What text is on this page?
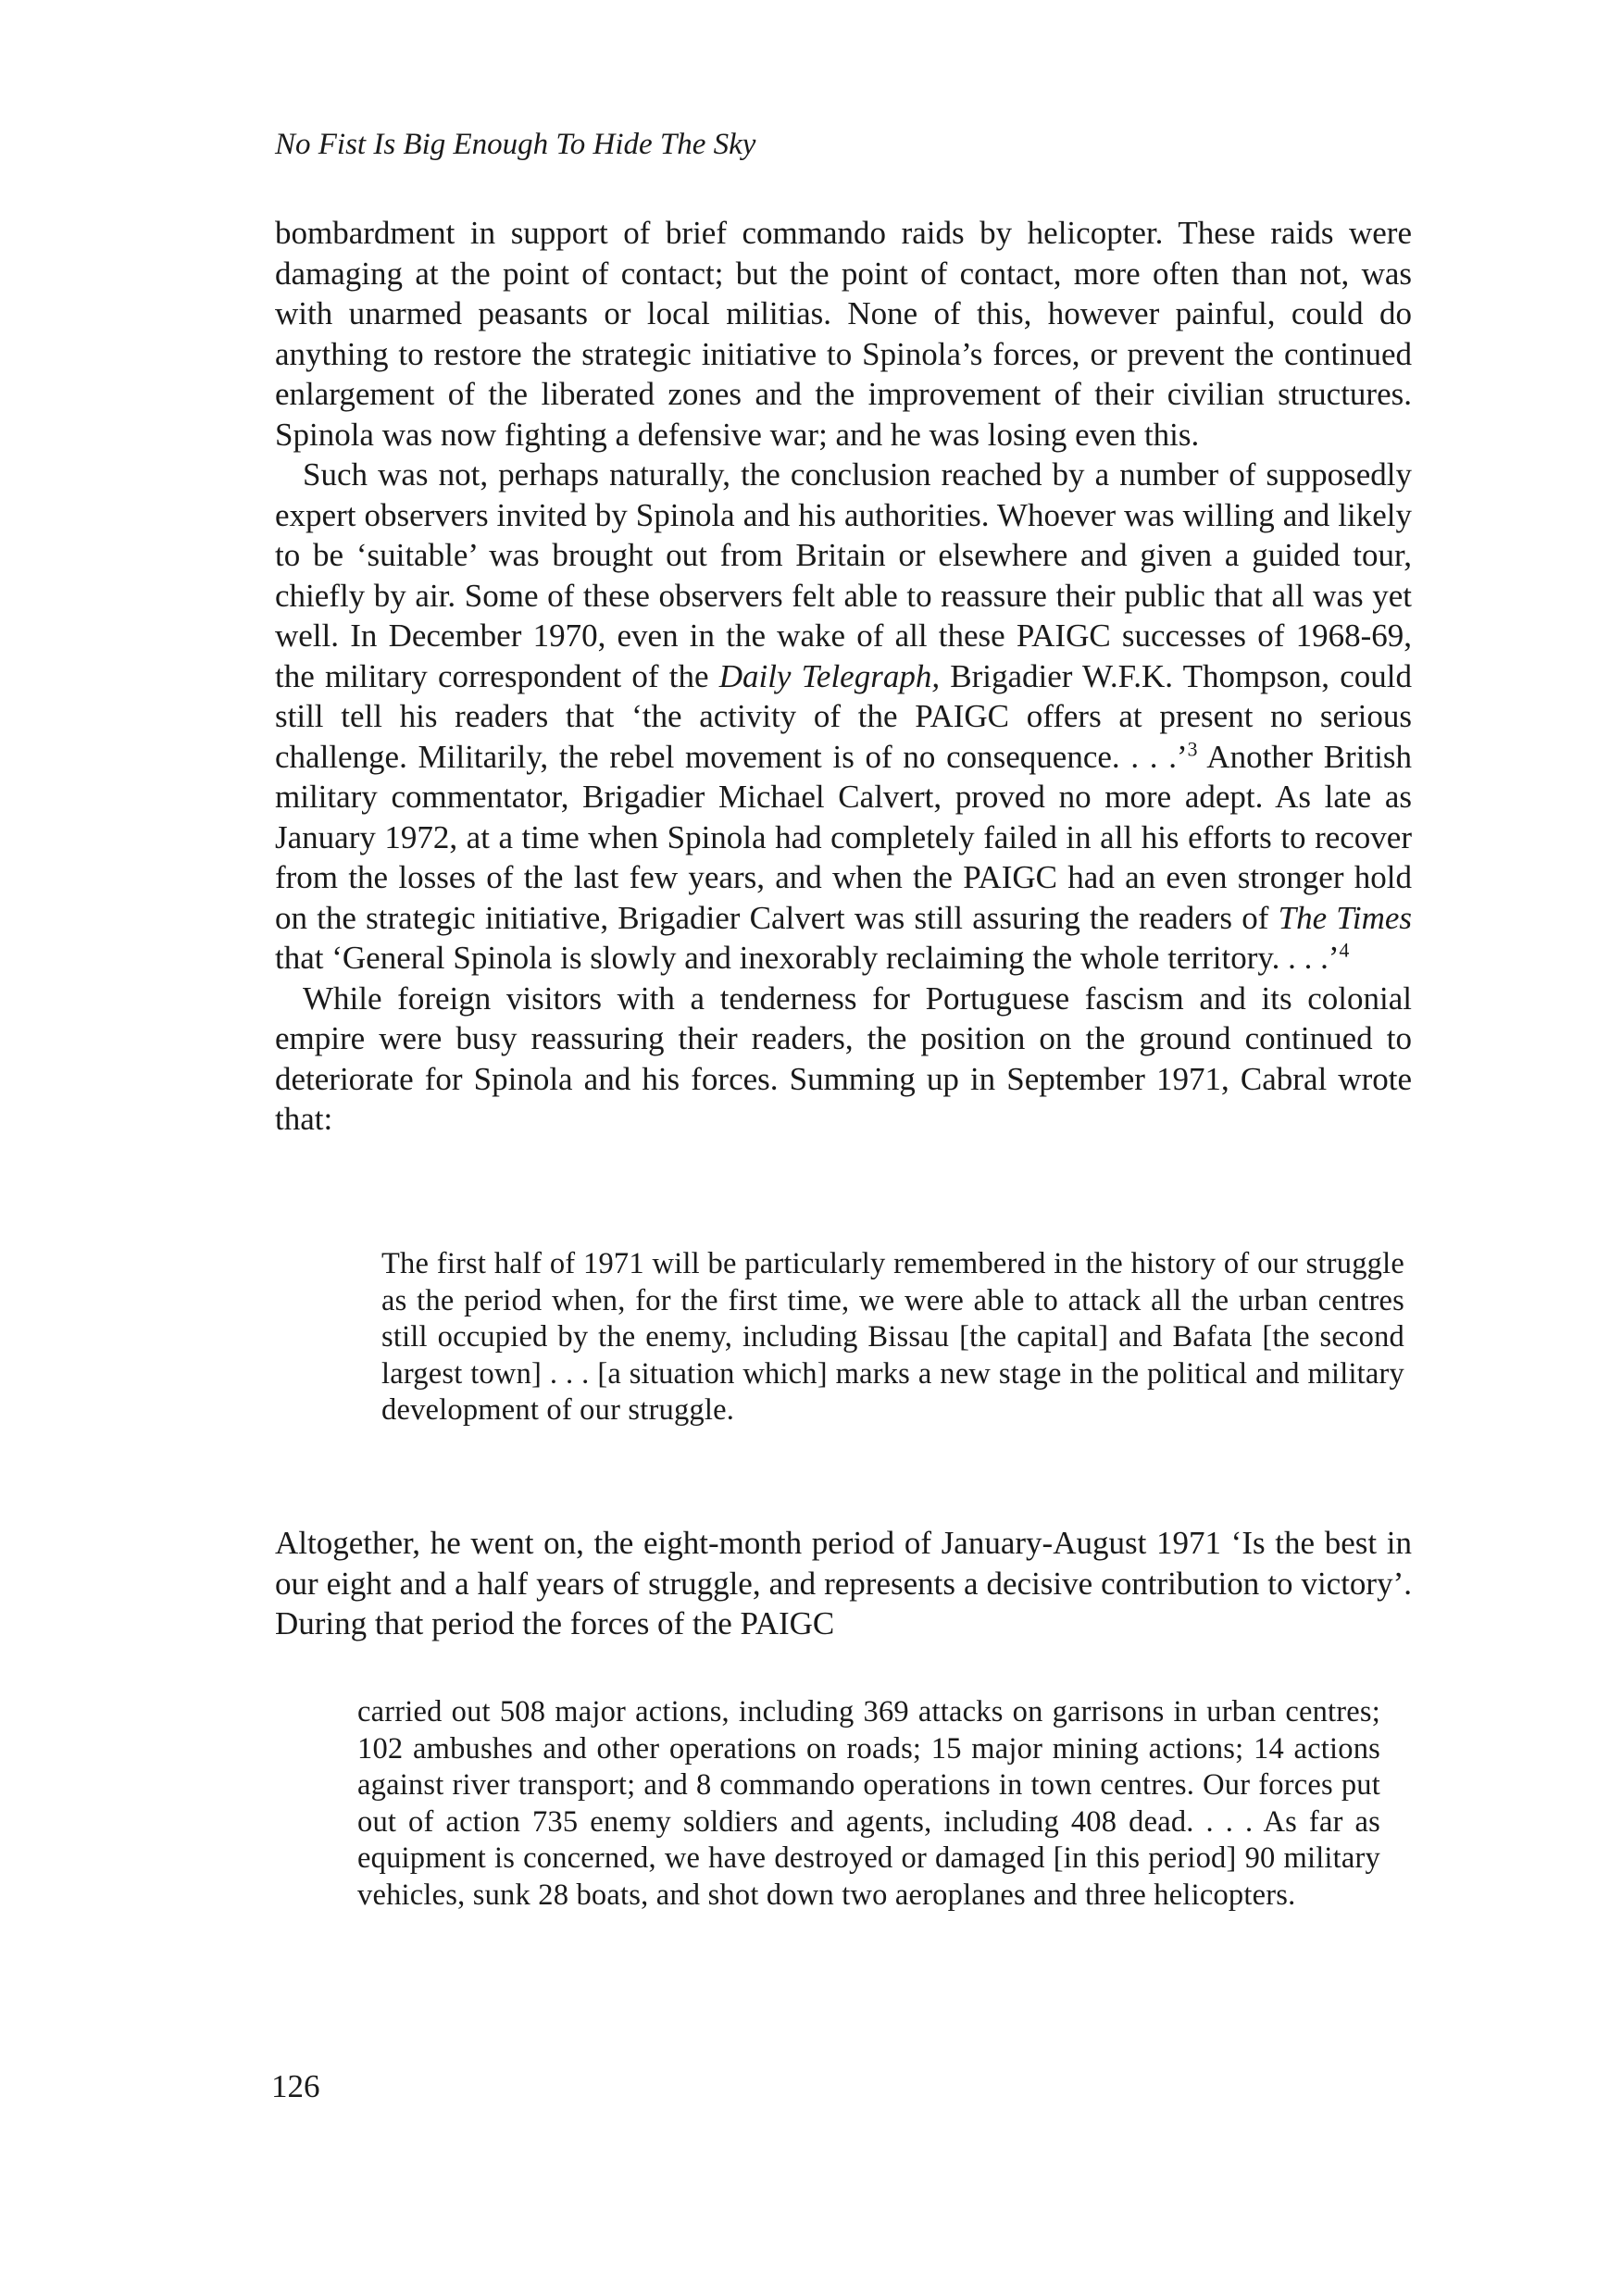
No Fist Is Big Enough To Hide The Sky

bombardment in support of brief commando raids by helicopter. These raids were damaging at the point of contact; but the point of contact, more often than not, was with unarmed peasants or local militias. None of this, however painful, could do anything to restore the strategic initiative to Spinola’s forces, or prevent the continued enlargement of the liberated zones and the improvement of their civilian structures. Spinola was now fighting a defensive war; and he was losing even this.

Such was not, perhaps naturally, the conclusion reached by a number of supposedly expert observers invited by Spinola and his authorities. Whoever was willing and likely to be ‘suitable’ was brought out from Britain or elsewhere and given a guided tour, chiefly by air. Some of these observers felt able to reassure their public that all was yet well. In December 1970, even in the wake of all these PAIGC successes of 1968-69, the military correspondent of the Daily Telegraph, Brigadier W.F.K. Thompson, could still tell his readers that ‘the activity of the PAIGC offers at present no serious challenge. Militarily, the rebel movement is of no consequence. . . .’$^3$ Another British military commentator, Brigadier Michael Calvert, proved no more adept. As late as January 1972, at a time when Spinola had completely failed in all his efforts to recover from the losses of the last few years, and when the PAIGC had an even stronger hold on the strategic initiative, Brigadier Calvert was still assuring the readers of The Times that ‘General Spinola is slowly and inexorably reclaiming the whole territory. . . .’$^4$

While foreign visitors with a tenderness for Portuguese fascism and its colonial empire were busy reassuring their readers, the position on the ground continued to deteriorate for Spinola and his forces. Summing up in September 1971, Cabral wrote that:

The first half of 1971 will be particularly remembered in the history of our struggle as the period when, for the first time, we were able to attack all the urban centres still occupied by the enemy, including Bissau [the capital] and Bafata [the second largest town] . . . [a situation which] marks a new stage in the political and military development of our struggle.

Altogether, he went on, the eight-month period of January-August 1971 ‘Is the best in our eight and a half years of struggle, and represents a decisive contribution to victory’. During that period the forces of the PAIGC

carried out 508 major actions, including 369 attacks on garrisons in urban centres; 102 ambushes and other operations on roads; 15 major mining actions; 14 actions against river transport; and 8 commando operations in town centres. Our forces put out of action 735 enemy soldiers and agents, including 408 dead. . . . As far as equipment is concerned, we have destroyed or damaged [in this period] 90 military vehicles, sunk 28 boats, and shot down two aeroplanes and three helicopters.

126
